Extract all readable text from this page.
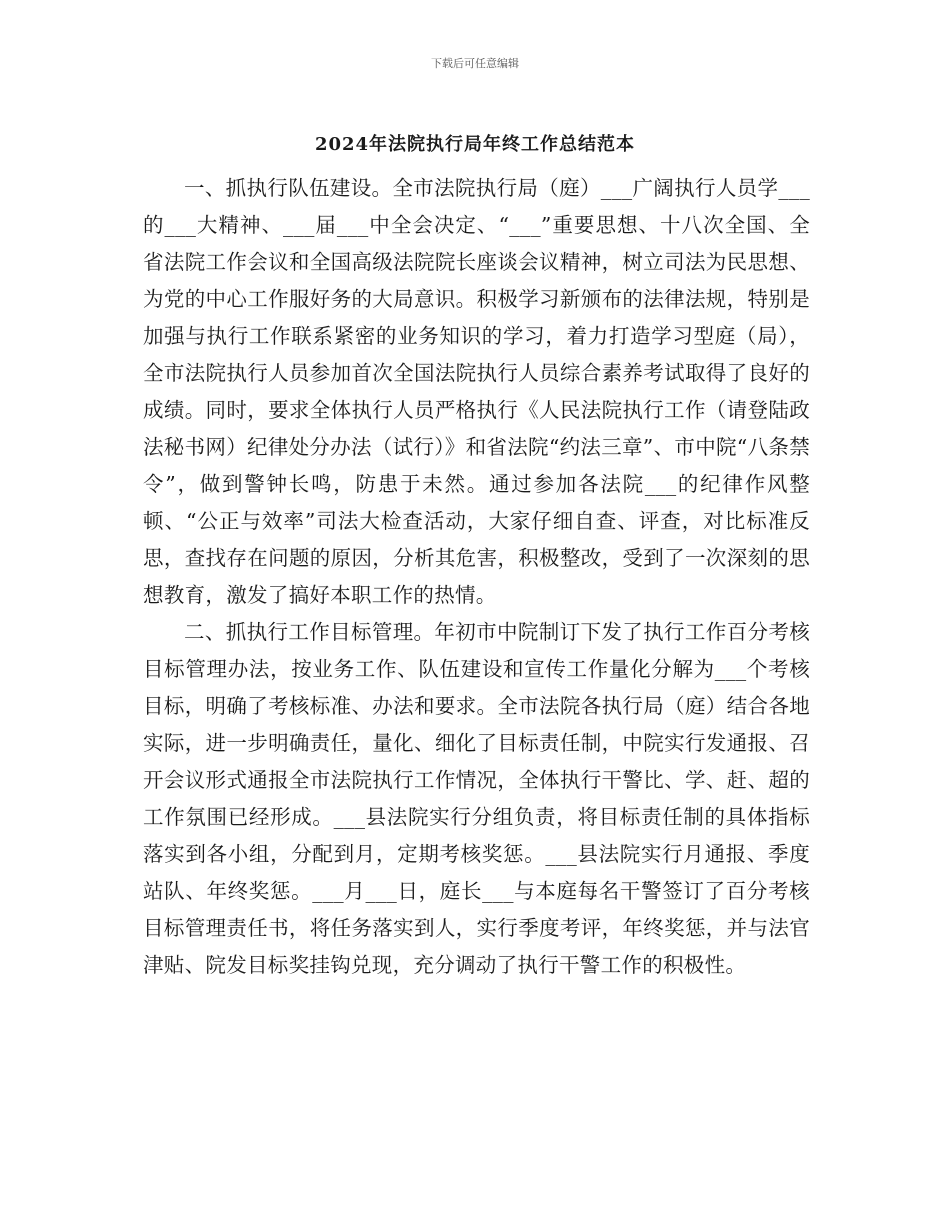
下载后可任意编辑
2024年法院执行局年终工作总结范本

一、抓执行队伍建设。全市法院执行局（庭）___广阔执行人员学___的___大精神、___届___中全会决定、“___”重要思想、十八次全国、全省法院工作会议和全国高级法院院长座谈会议精神，树立司法为民思想、为党的中心工作服好务的大局意识。积极学习新颁布的法律法规，特别是加强与执行工作联系紧密的业务知识的学习，着力打造学习型庭（局），全市法院执行人员参加首次全国法院执行人员综合素养考试取得了良好的成绩。同时，要求全体执行人员严格执行《人民法院执行工作（请登陆政法秘书网）纪律处分办法（试行）》和省法院“约法三章”、市中院“八条禁令”，做到警钟长鸣，防患于未然。通过参加各法院___的纪律作风整顿、“公正与效率”司法大检查活动，大家仔细自查、评查，对比标准反思，查找存在问题的原因，分析其危害，积极整改，受到了一次深刻的思想教育，激发了搞好本职工作的热情。

二、抓执行工作目标管理。年初市中院制订下发了执行工作百分考核目标管理办法，按业务工作、队伍建设和宣传工作量化分解为___个考核目标，明确了考核标准、办法和要求。全市法院各执行局（庭）结合各地实际，进一步明确责任，量化、细化了目标责任制，中院实行发通报、召开会议形式通报全市法院执行工作情况，全体执行干警比、学、赶、超的工作氛围已经形成。___县法院实行分组负责，将目标责任制的具体指标落实到各小组，分配到月，定期考核奖惩。___县法院实行月通报、季度站队、年终奖惩。___月___日，庭长___与本庭每名干警签订了百分考核目标管理责任书，将任务落实到人，实行季度考评，年终奖惩，并与法官津贴、院发目标奖挂钩兑现，充分调动了执行干警工作的积极性。
